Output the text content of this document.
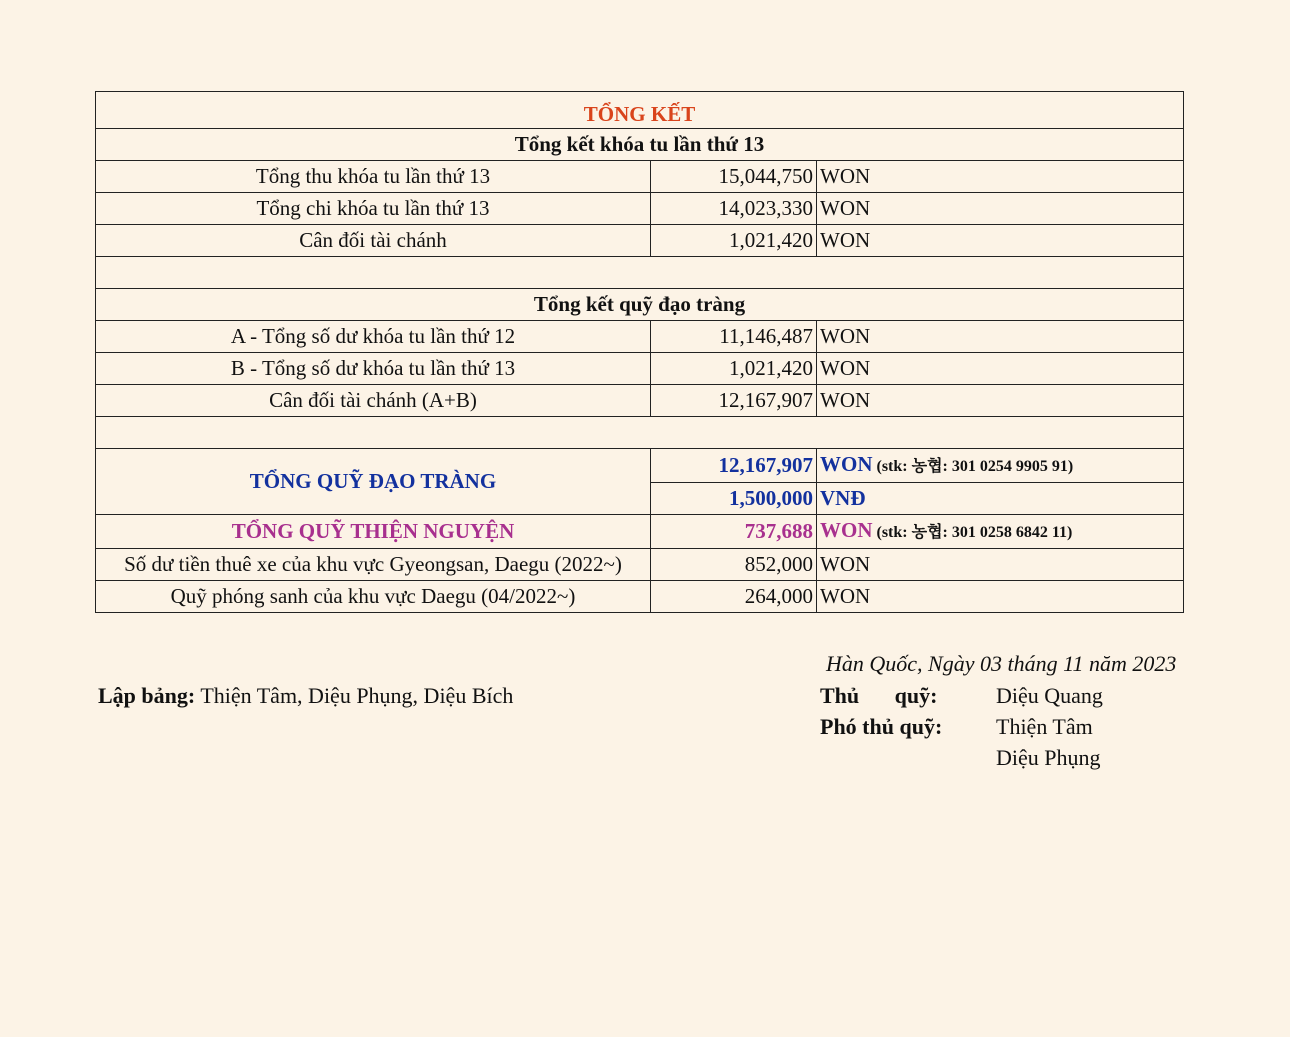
TỔNG KẾT		
Tổng kết khóa tu lần thứ 13		
Tổng thu khóa tu lần thứ 13	15,044,750	WON
Tổng chi khóa tu lần thứ 13	14,023,330	WON
Cân đối tài chánh	1,021,420	WON

Tổng kết quỹ đạo tràng		
A - Tổng số dư khóa tu lần thứ 12	11,146,487	WON
B - Tổng số dư khóa tu lần thứ 13	1,021,420	WON
Cân đối tài chánh (A+B)	12,167,907	WON

TỔNG QUỸ ĐẠO TRÀNG	12,167,907	WON (stk: 농협: 301 0254 9905 91)
	1,500,000	VNĐ
TỔNG QUỸ THIỆN NGUYỆN	737,688	WON (stk: 농협: 301 0258 6842 11)
Số dư tiền thuê xe của khu vực Gyeongsan, Daegu (2022~)	852,000	WON
Quỹ phóng sanh của khu vực Daegu (04/2022~)	264,000	WON
Hàn Quốc, Ngày 03 tháng 11 năm 2023
Lập bảng: Thiện Tâm, Diệu Phụng, Diệu Bích	Thủ quỹ:	Diệu Quang
Phó thủ quỹ: Thiện Tâm
Diệu Phụng
